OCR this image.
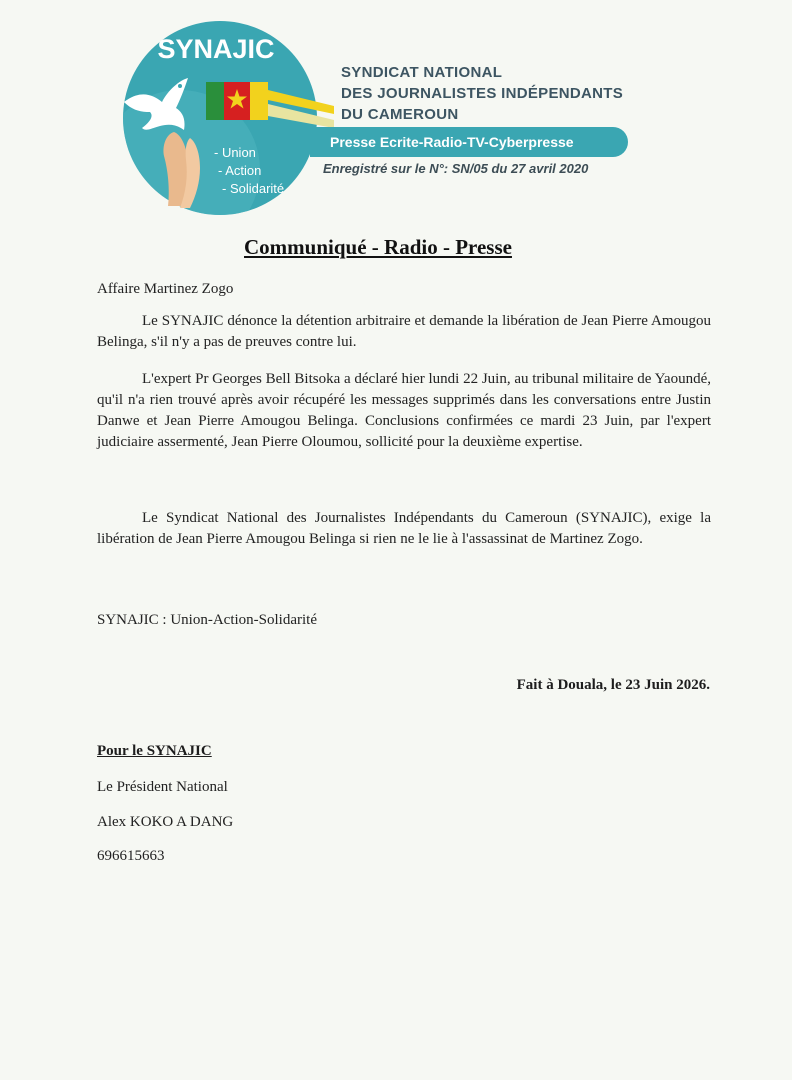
SYNAJIC
- Union
- Action
- Solidarité
SYNDICAT NATIONAL
DES JOURNALISTES INDÉPENDANTS
DU CAMEROUN
Presse Ecrite-Radio-TV-Cyberpresse
Enregistré sur le N°: SN/05 du 27 avril 2020
Communiqué - Radio - Presse
Affaire Martinez Zogo
Le SYNAJIC dénonce la détention arbitraire et demande la libération de Jean Pierre Amougou Belinga, s'il n'y a pas de preuves contre lui.
L'expert Pr Georges Bell Bitsoka a déclaré hier lundi 22 Juin, au tribunal militaire de Yaoundé, qu'il n'a rien trouvé après avoir récupéré les messages supprimés dans les conversations entre Justin Danwe et Jean Pierre Amougou Belinga. Conclusions confirmées ce mardi 23 Juin, par l'expert judiciaire assermenté, Jean Pierre Oloumou, sollicité pour la deuxième expertise.
Le Syndicat National des Journalistes Indépendants du Cameroun (SYNAJIC), exige la libération de Jean Pierre Amougou Belinga si rien ne le lie à l'assassinat de Martinez Zogo.
SYNAJIC : Union-Action-Solidarité
Fait à Douala, le 23 Juin 2026.
Pour le SYNAJIC
Le Président National
Alex KOKO A DANG
696615663
